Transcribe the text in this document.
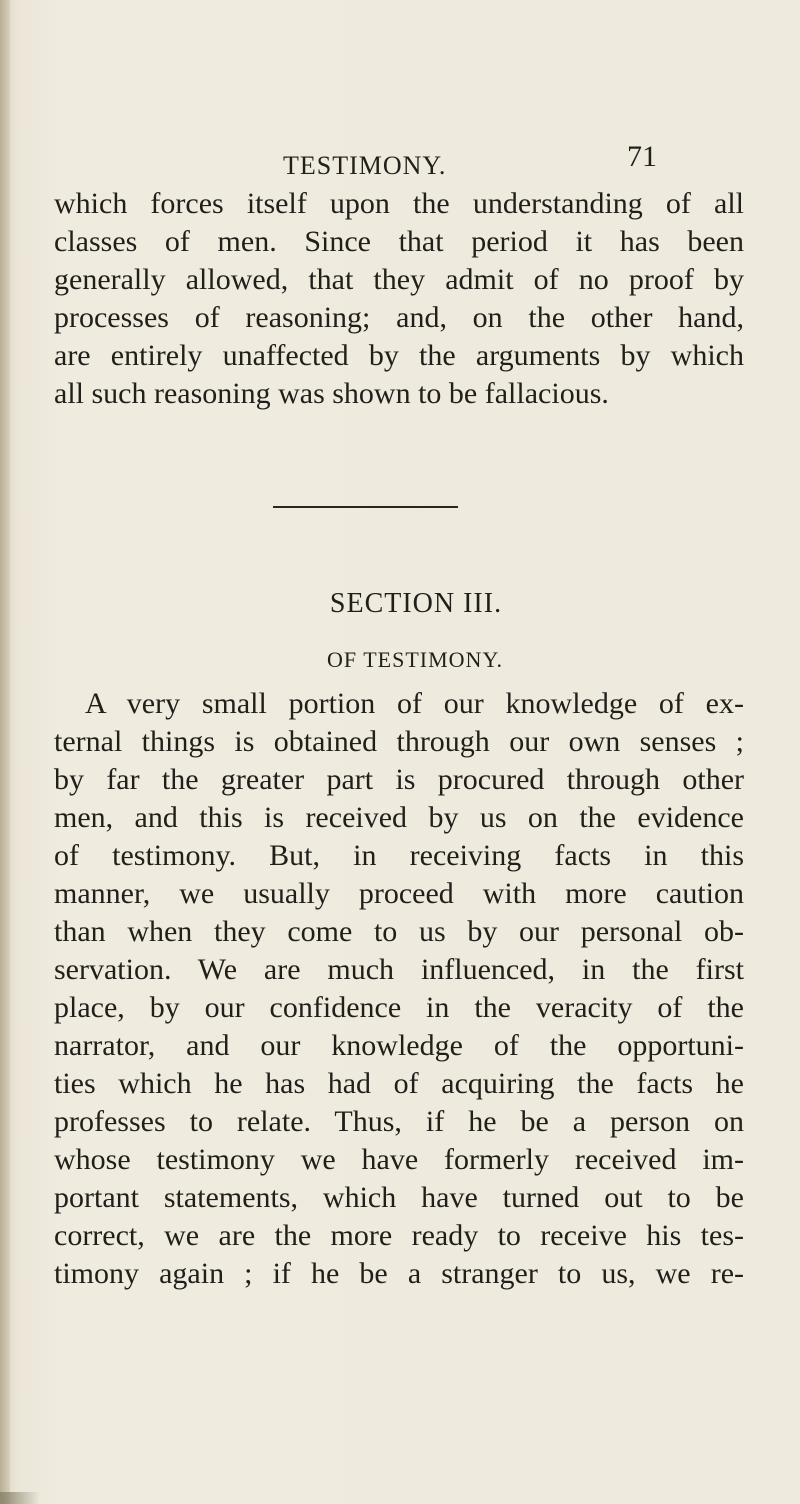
TESTIMONY.	71
which forces itself upon the understanding of all
classes of men. Since that period it has been
generally allowed, that they admit of no proof by
processes of reasoning; and, on the other hand,
are entirely unaffected by the arguments by which
all such reasoning was shown to be fallacious.
SECTION III.
OF TESTIMONY.
A very small portion of our knowledge of ex-
ternal things is obtained through our own senses ;
by far the greater part is procured through other
men, and this is received by us on the evidence
of testimony. But, in receiving facts in this
manner, we usually proceed with more caution
than when they come to us by our personal ob-
servation. We are much influenced, in the first
place, by our confidence in the veracity of the
narrator, and our knowledge of the opportuni-
ties which he has had of acquiring the facts he
professes to relate. Thus, if he be a person on
whose testimony we have formerly received im-
portant statements, which have turned out to be
correct, we are the more ready to receive his tes-
timony again ; if he be a stranger to us, we re-
